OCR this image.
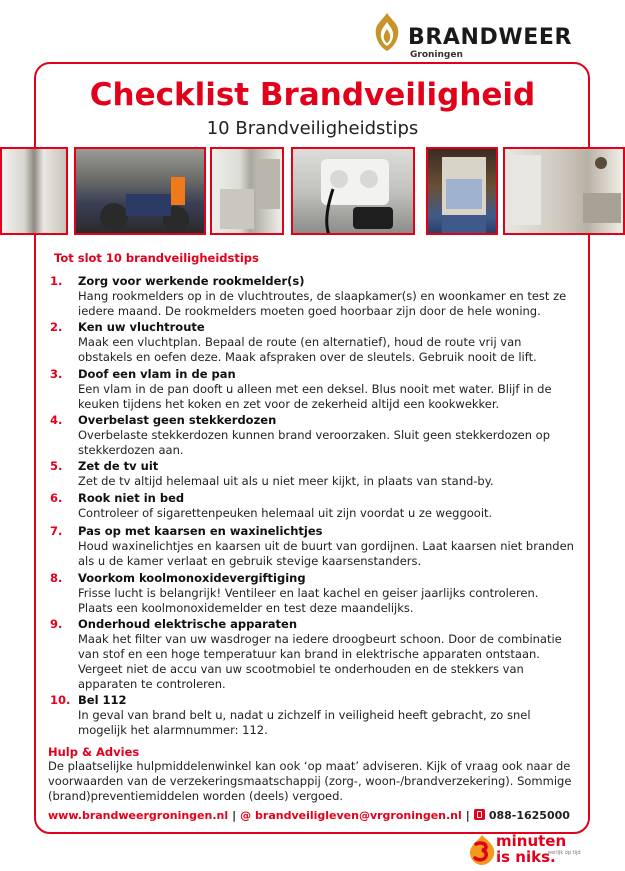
BRANDWEER
Groningen
Checklist Brandveiligheid
10 Brandveiligheidstips
Tot slot 10 brandveiligheidstips
1.	Zorg voor werkende rookmelder(s)
Hang rookmelders op in de vluchtroutes, de slaapkamer(s) en woonkamer en test ze iedere maand. De rookmelders moeten goed hoorbaar zijn door de hele woning.
2.	Ken uw vluchtroute
Maak een vluchtplan. Bepaal de route (en alternatief), houd de route vrij van obstakels en oefen deze. Maak afspraken over de sleutels. Gebruik nooit de lift.
3.	Doof een vlam in de pan
Een vlam in de pan dooft u alleen met een deksel. Blus nooit met water. Blijf in de keuken tijdens het koken en zet voor de zekerheid altijd een kookwekker.
4.	Overbelast geen stekkerdozen
Overbelaste stekkerdozen kunnen brand veroorzaken. Sluit geen stekkerdozen op stekkerdozen aan.
5.	Zet de tv uit
Zet de tv altijd helemaal uit als u niet meer kijkt, in plaats van stand-by.
6.	Rook niet in bed
Controleer of sigarettenpeuken helemaal uit zijn voordat u ze weggooit.
7.	Pas op met kaarsen en waxinelichtjes
Houd waxinelichtjes en kaarsen uit de buurt van gordijnen. Laat kaarsen niet branden als u de kamer verlaat en gebruik stevige kaarsenstanders.
8.	Voorkom koolmonoxidevergiftiging
Frisse lucht is belangrijk! Ventileer en laat kachel en geiser jaarlijks controleren. Plaats een koolmonoxidemelder en test deze maandelijks.
9.	Onderhoud elektrische apparaten
Maak het filter van uw wasdroger na iedere droogbeurt schoon. Door de combinatie van stof en een hoge temperatuur kan brand in elektrische apparaten ontstaan. Vergeet niet de accu van uw scootmobiel te onderhouden en de stekkers van apparaten te controleren.
10. Bel 112
In geval van brand belt u, nadat u zichzelf in veiligheid heeft gebracht, zo snel mogelijk het alarmnummer: 112.
Hulp & Advies
De plaatselijke hulpmiddelenwinkel kan ook ‘op maat’ adviseren. Kijk of vraag ook naar de voorwaarden van de verzekeringsmaatschappij (zorg-, woon-/brandverzekering). Sommige (brand)preventiemiddelen worden (deels) vergoed.
www.brandweergroningen.nl | @ brandveiligleven@vrgroningen.nl | 088-1625000
minuten
is niks.
eerlijk op tijd
